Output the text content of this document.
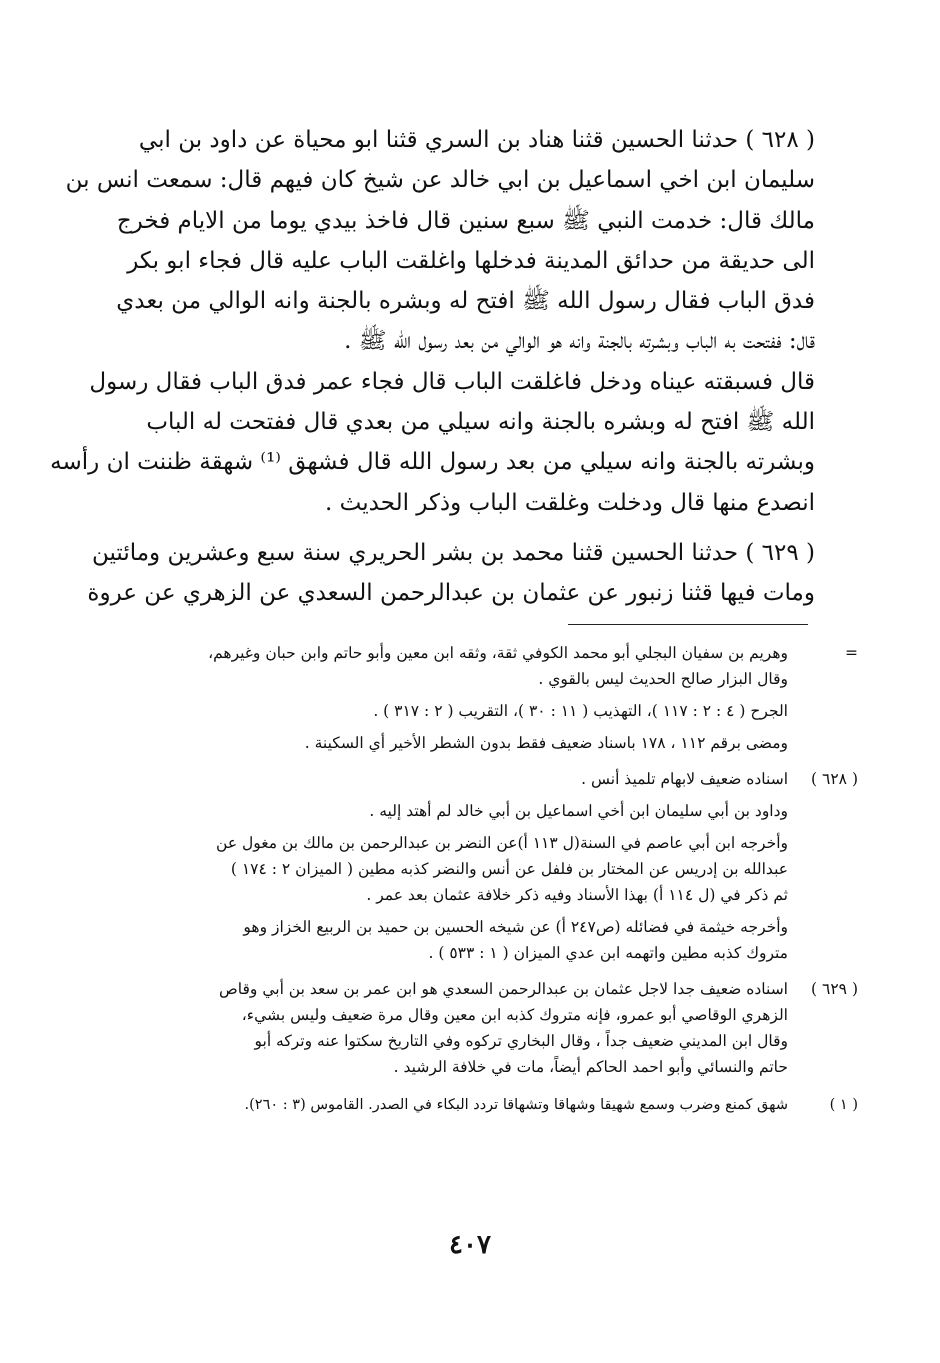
( ٦٢٨ ) حدثنا الحسين قثنا هناد بن السري قثنا ابو محياة عن داود بن ابي
سليمان ابن اخي اسماعيل بن ابي خالد عن شيخ كان فيهم قال: سمعت انس بن
مالك قال: خدمت النبي ﷺ سبع سنين قال فاخذ بيدي يوما من الايام فخرج
الى حديقة من حدائق المدينة فدخلها واغلقت الباب عليه قال فجاء ابو بكر
فدق الباب فقال رسول الله ﷺ افتح له وبشره بالجنة وانه الوالي من بعدي
قال: ففتحت به الباب وبشرته بالجنة وانه هو الوالي من بعد رسول الله ﷺ .
قال فسبقته عيناه ودخل فاغلقت الباب قال فجاء عمر فدق الباب فقال رسول
الله ﷺ افتح له وبشره بالجنة وانه سيلي من بعدي قال ففتحت له الباب
وبشرته بالجنة وانه سيلي من بعد رسول الله قال فشهق ⁽¹⁾ شهقة ظننت ان رأسه
انصدع منها قال ودخلت وغلقت الباب وذكر الحديث .
( ٦٢٩ ) حدثنا الحسين قثنا محمد بن بشر الحريري سنة سبع وعشرين ومائتين
ومات فيها قثنا زنبور عن عثمان بن عبدالرحمن السعدي عن الزهري عن عروة
=
وهريم بن سفيان البجلي أبو محمد الكوفي ثقة، وثقه ابن معين وأبو حاتم وابن حبان وغيرهم،
وقال البزار صالح الحديث ليس بالقوي .
الجرح ( ٤ : ٢ : ١١٧ )، التهذيب ( ١١ : ٣٠ )، التقريب ( ٢ : ٣١٧ ) .
ومضى برقم ١١٢ ، ١٧٨ باسناد ضعيف فقط بدون الشطر الأخير أي السكينة .
( ٦٢٨ )
اسناده ضعيف لابهام تلميذ أنس .
وداود بن أبي سليمان ابن أخي اسماعيل بن أبي خالد لم أهتد إليه .
وأخرجه ابن أبي عاصم في السنة(ل ١١٣ أ)عن النضر بن عبدالرحمن بن مالك بن مغول عن
عبدالله بن إدريس عن المختار بن فلفل عن أنس والنضر كذبه مطين ( الميزان ٢ : ١٧٤ )
ثم ذكر في (ل ١١٤ أ) بهذا الأسناد وفيه ذكر خلافة عثمان بعد عمر .
وأخرجه خيثمة في فضائله (ص٢٤٧ أ) عن شيخه الحسين بن حميد بن الربيع الخزاز وهو
متروك كذبه مطين واتهمه ابن عدي الميزان ( ١ : ٥٣٣ ) .
( ٦٢٩ )
اسناده ضعيف جدا لاجل عثمان بن عبدالرحمن السعدي هو ابن عمر بن سعد بن أبي وقاص
الزهري الوقاصي أبو عمرو، فإنه متروك كذبه ابن معين وقال مرة ضعيف وليس بشيء،
وقال ابن المديني ضعيف جداً ، وقال البخاري تركوه وفي التاريخ سكتوا عنه وتركه أبو
حاتم والنسائي وأبو احمد الحاكم أيضاً، مات في خلافة الرشيد .
( ١ )
شهق كمنع وضرب وسمع شهيقا وشهاقا وتشهاقا تردد البكاء في الصدر. القاموس (٣ : ٢٦٠).
٤٠٧
